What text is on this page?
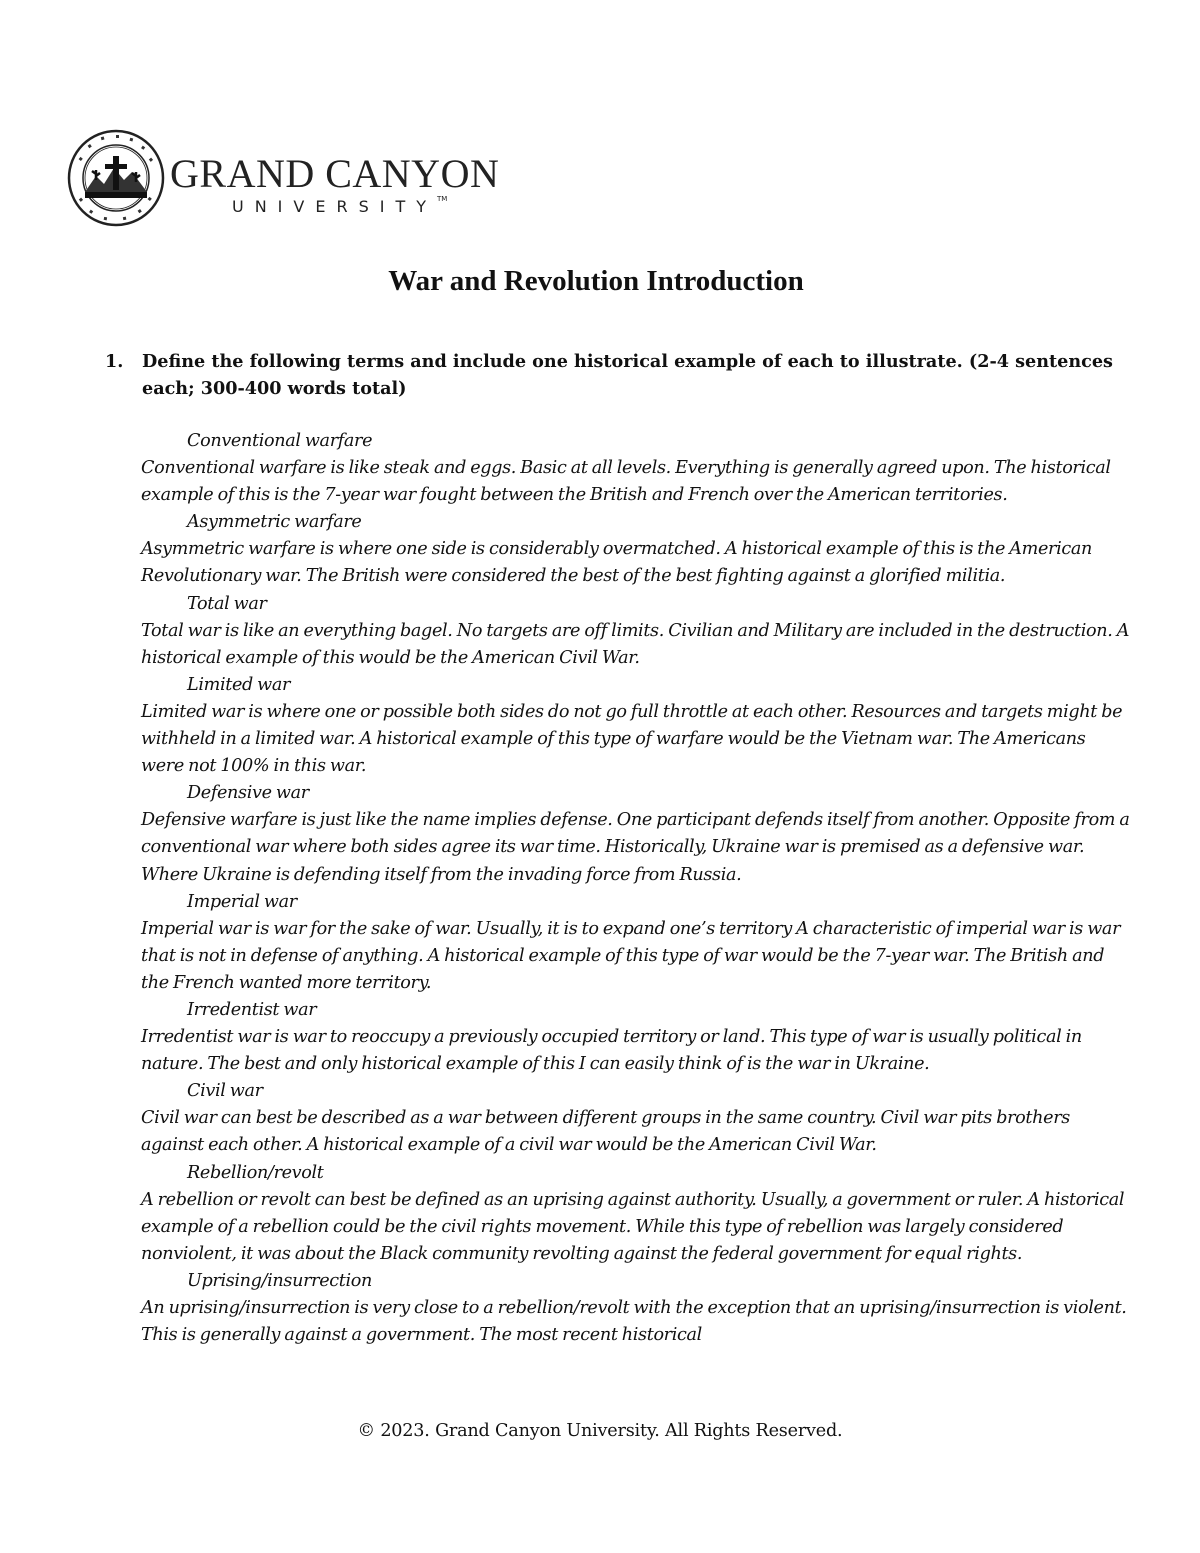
GRAND CANYON
UNIVERSITY™
War and Revolution Introduction
1. Define the following terms and include one historical example of each to illustrate. (2-4 sentences each; 300-400 words total)

Conventional warfare

Conventional warfare is like steak and eggs. Basic at all levels. Everything is generally agreed upon. The historical example of this is the 7-year war fought between the British and French over the American territories.

Asymmetric warfare

Asymmetric warfare is where one side is considerably overmatched. A historical example of this is the American Revolutionary war. The British were considered the best of the best fighting against a glorified militia.

Total war

Total war is like an everything bagel. No targets are off limits. Civilian and Military are included in the destruction. A historical example of this would be the American Civil War.

Limited war

Limited war is where one or possible both sides do not go full throttle at each other. Resources and targets might be withheld in a limited war. A historical example of this type of warfare would be the Vietnam war. The Americans were not 100% in this war.

Defensive war

Defensive warfare is just like the name implies defense. One participant defends itself from another. Opposite from a conventional war where both sides agree its war time. Historically, Ukraine war is premised as a defensive war. Where Ukraine is defending itself from the invading force from Russia.

Imperial war

Imperial war is war for the sake of war. Usually, it is to expand one’s territory A characteristic of imperial war is war that is not in defense of anything. A historical example of this type of war would be the 7-year war. The British and the French wanted more territory.

Irredentist war

Irredentist war is war to reoccupy a previously occupied territory or land. This type of war is usually political in nature. The best and only historical example of this I can easily think of is the war in Ukraine.

Civil war

Civil war can best be described as a war between different groups in the same country. Civil war pits brothers against each other. A historical example of a civil war would be the American Civil War.

Rebellion/revolt

A rebellion or revolt can best be defined as an uprising against authority. Usually, a government or ruler. A historical example of a rebellion could be the civil rights movement. While this type of rebellion was largely considered nonviolent, it was about the Black community revolting against the federal government for equal rights.

Uprising/insurrection

An uprising/insurrection is very close to a rebellion/revolt with the exception that an uprising/insurrection is violent. This is generally against a government. The most recent historical

© 2023. Grand Canyon University. All Rights Reserved.
